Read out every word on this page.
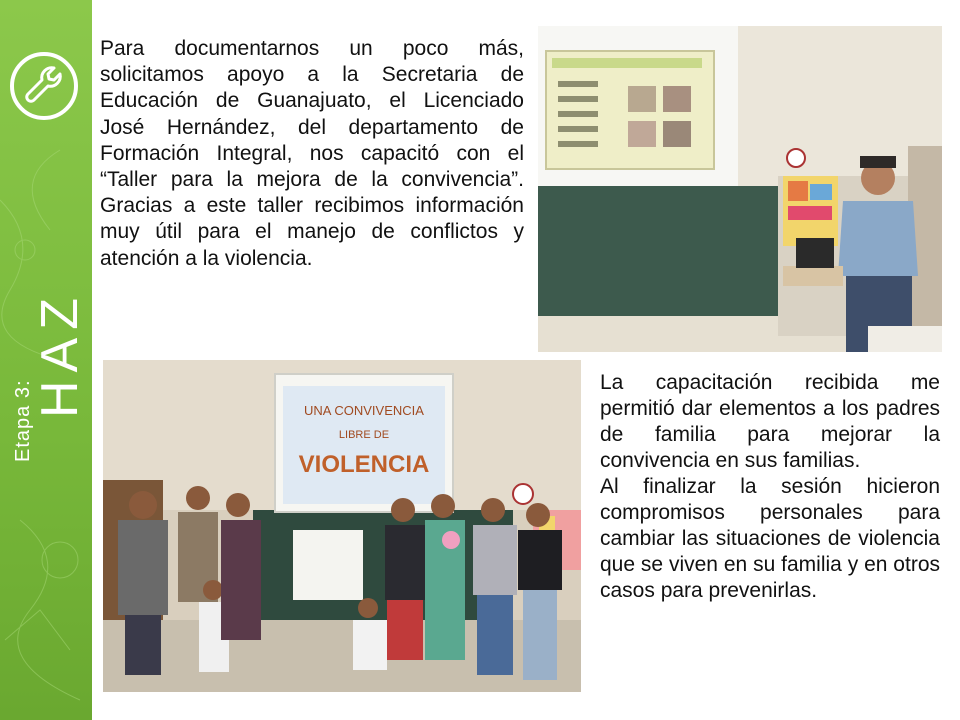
HAZ
Etapa 3:
Para documentarnos un poco más, solicitamos apoyo a la Secretaria de Educación de Guanajuato, el Licenciado José Hernández, del departamento de Formación Integral, nos capacitó con el “Taller para la mejora de la convivencia”. Gracias a este taller recibimos información muy útil para el manejo de conflictos y atención a la violencia.
UNA CONVIVENCIA
LIBRE DE
VIOLENCIA

La capacitación recibida me permitió dar elementos a los padres de familia para mejorar la convivencia en sus familias.

Al finalizar la sesión hicieron compromisos personales para cambiar las situaciones de violencia que se viven en su familia y en otros casos para prevenirlas.
